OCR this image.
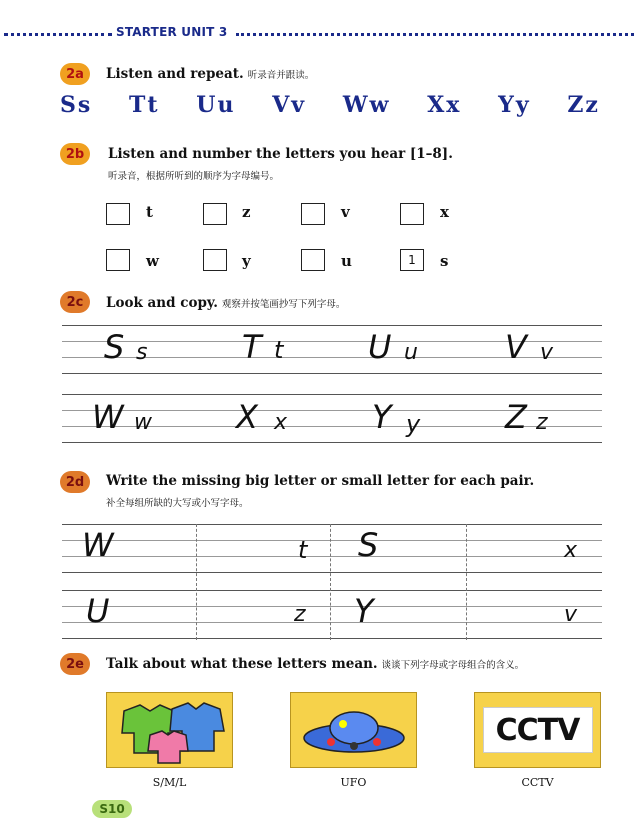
STARTER UNIT 3
2a	Listen and repeat. 听录音并跟读。
Ss Tt Uu Vv Ww Xx Yy Zz
2b	Listen and number the letters you hear [1–8].
听录音，根据所听到的顺序为字母编号。
t	z	v	x
w	y	u	1	s
2c	Look and copy. 观察并按笔画抄写下列字母。
S s	T t	U u	V v
W w	X x	Y y	Z z
2d	Write the missing big letter or small letter for each pair.
补全每组所缺的大写或小写字母。
W	t S	x
U	z Y	v
2e	Talk about what these letters mean. 谈谈下列字母或字母组合的含义。
CCTV
S/M/L	UFO	CCTV
S10
